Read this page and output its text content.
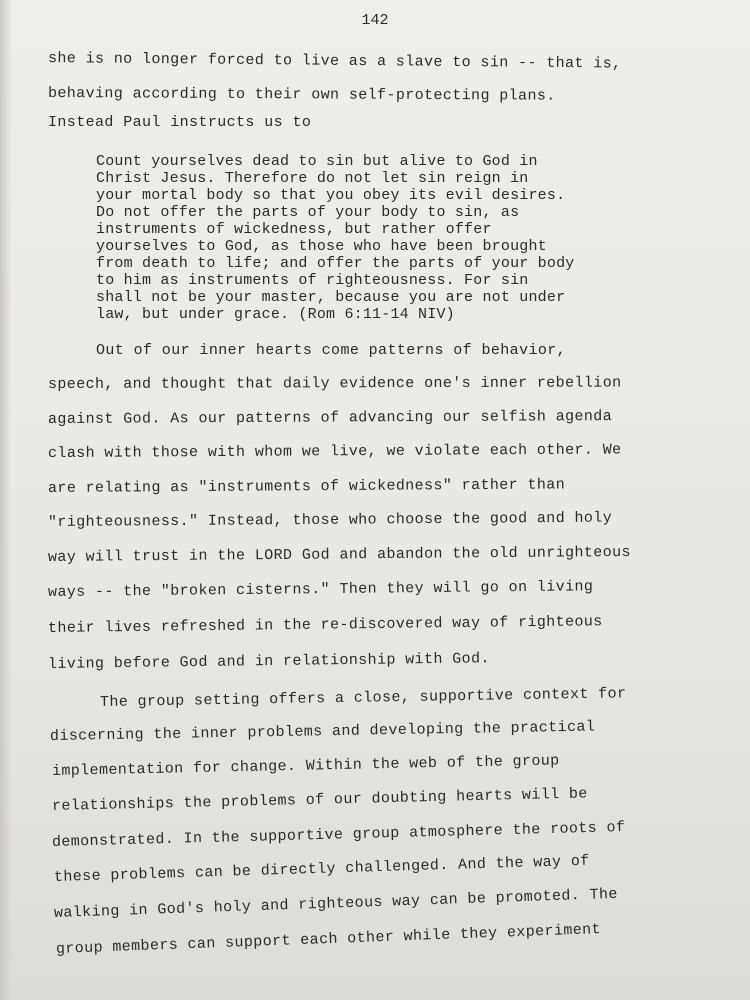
142
she is no longer forced to live as a slave to sin -- that is,
behaving according to their own self-protecting plans.
Instead Paul instructs us to
Count yourselves dead to sin but alive to God in
Christ Jesus. Therefore do not let sin reign in
your mortal body so that you obey its evil desires.
Do not offer the parts of your body to sin, as
instruments of wickedness, but rather offer
yourselves to God, as those who have been brought
from death to life; and offer the parts of your body
to him as instruments of righteousness. For sin
shall not be your master, because you are not under
law, but under grace. (Rom 6:11-14 NIV)
Out of our inner hearts come patterns of behavior,
speech, and thought that daily evidence one's inner rebellion
against God. As our patterns of advancing our selfish agenda
clash with those with whom we live, we violate each other. We
are relating as "instruments of wickedness" rather than
"righteousness." Instead, those who choose the good and holy
way will trust in the LORD God and abandon the old unrighteous
ways -- the "broken cisterns." Then they will go on living
their lives refreshed in the re-discovered way of righteous
living before God and in relationship with God.
The group setting offers a close, supportive context for
discerning the inner problems and developing the practical
implementation for change. Within the web of the group
relationships the problems of our doubting hearts will be
demonstrated. In the supportive group atmosphere the roots of
these problems can be directly challenged. And the way of
walking in God's holy and righteous way can be promoted. The
group members can support each other while they experiment
